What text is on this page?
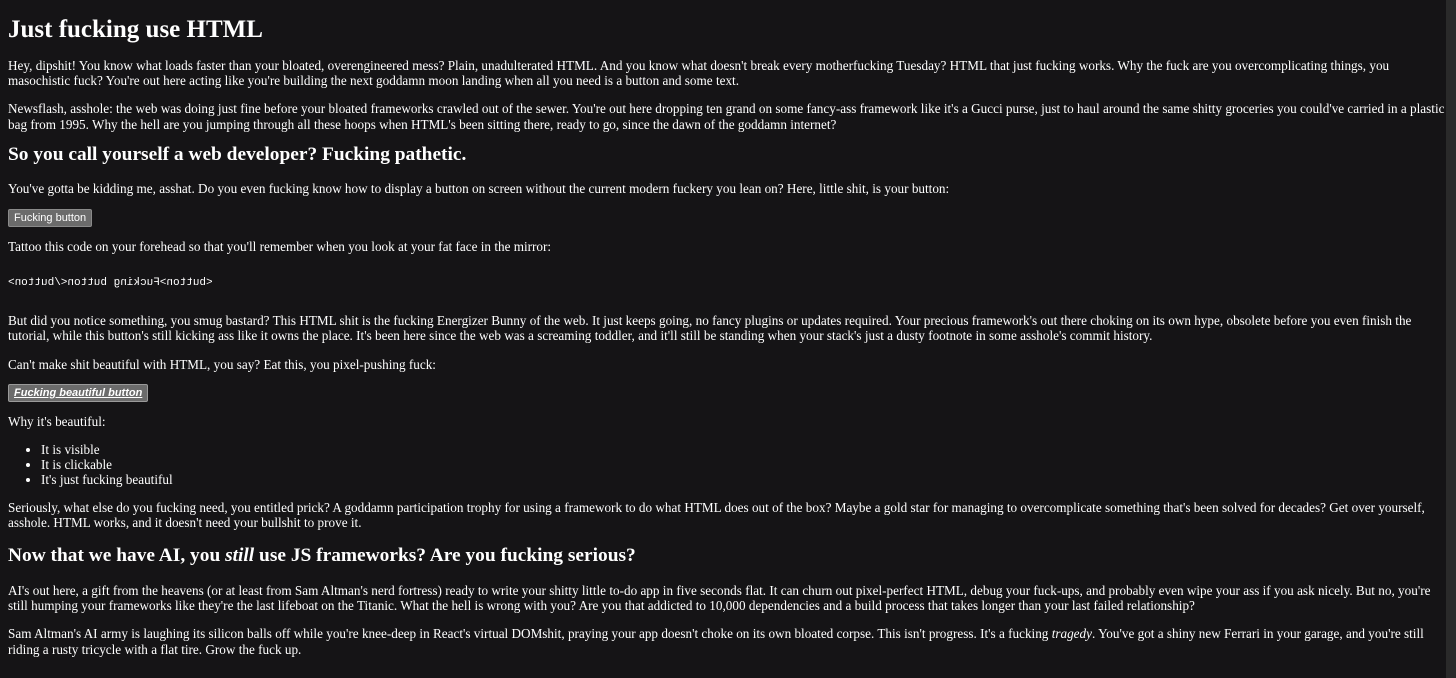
Just fucking use HTML

Hey, dipshit! You know what loads faster than your bloated, overengineered mess? Plain, unadulterated HTML. And you know what doesn't break every motherfucking Tuesday? HTML that just fucking works. Why the fuck are you overcomplicating things, you masochistic fuck? You're out here acting like you're building the next goddamn moon landing when all you need is a button and some text.

Newsflash, asshole: the web was doing just fine before your bloated frameworks crawled out of the sewer. You're out here dropping ten grand on some fancy-ass framework like it's a Gucci purse, just to haul around the same shitty groceries you could've carried in a plastic bag from 1995. Why the hell are you jumping through all these hoops when HTML's been sitting there, ready to go, since the dawn of the goddamn internet?

So you call yourself a web developer? Fucking pathetic.

You've gotta be kidding me, asshat. Do you even fucking know how to display a button on screen without the current modern fuckery you lean on? Here, little shit, is your button:

Fucking button

Tattoo this code on your forehead so that you'll remember when you look at your fat face in the mirror:

<button>Fucking button</button>

But did you notice something, you smug bastard? This HTML shit is the fucking Energizer Bunny of the web. It just keeps going, no fancy plugins or updates required. Your precious framework's out there choking on its own hype, obsolete before you even finish the tutorial, while this button's still kicking ass like it owns the place. It's been here since the web was a screaming toddler, and it'll still be standing when your stack's just a dusty footnote in some asshole's commit history.

Can't make shit beautiful with HTML, you say? Eat this, you pixel-pushing fuck:

Fucking beautiful button

Why it's beautiful:

• It is visible
• It is clickable
• It's just fucking beautiful

Seriously, what else do you fucking need, you entitled prick? A goddamn participation trophy for using a framework to do what HTML does out of the box? Maybe a gold star for managing to overcomplicate something that's been solved for decades? Get over yourself, asshole. HTML works, and it doesn't need your bullshit to prove it.

Now that we have AI, you still use JS frameworks? Are you fucking serious?

AI's out here, a gift from the heavens (or at least from Sam Altman's nerd fortress) ready to write your shitty little to-do app in five seconds flat. It can churn out pixel-perfect HTML, debug your fuck-ups, and probably even wipe your ass if you ask nicely. But no, you're still humping your frameworks like they're the last lifeboat on the Titanic. What the hell is wrong with you? Are you that addicted to 10,000 dependencies and a build process that takes longer than your last failed relationship?

Sam Altman's AI army is laughing its silicon balls off while you're knee-deep in React's virtual DOMshit, praying your app doesn't choke on its own bloated corpse. This isn't progress. It's a fucking tragedy. You've got a shiny new Ferrari in your garage, and you're still riding a rusty tricycle with a flat tire. Grow the fuck up.
